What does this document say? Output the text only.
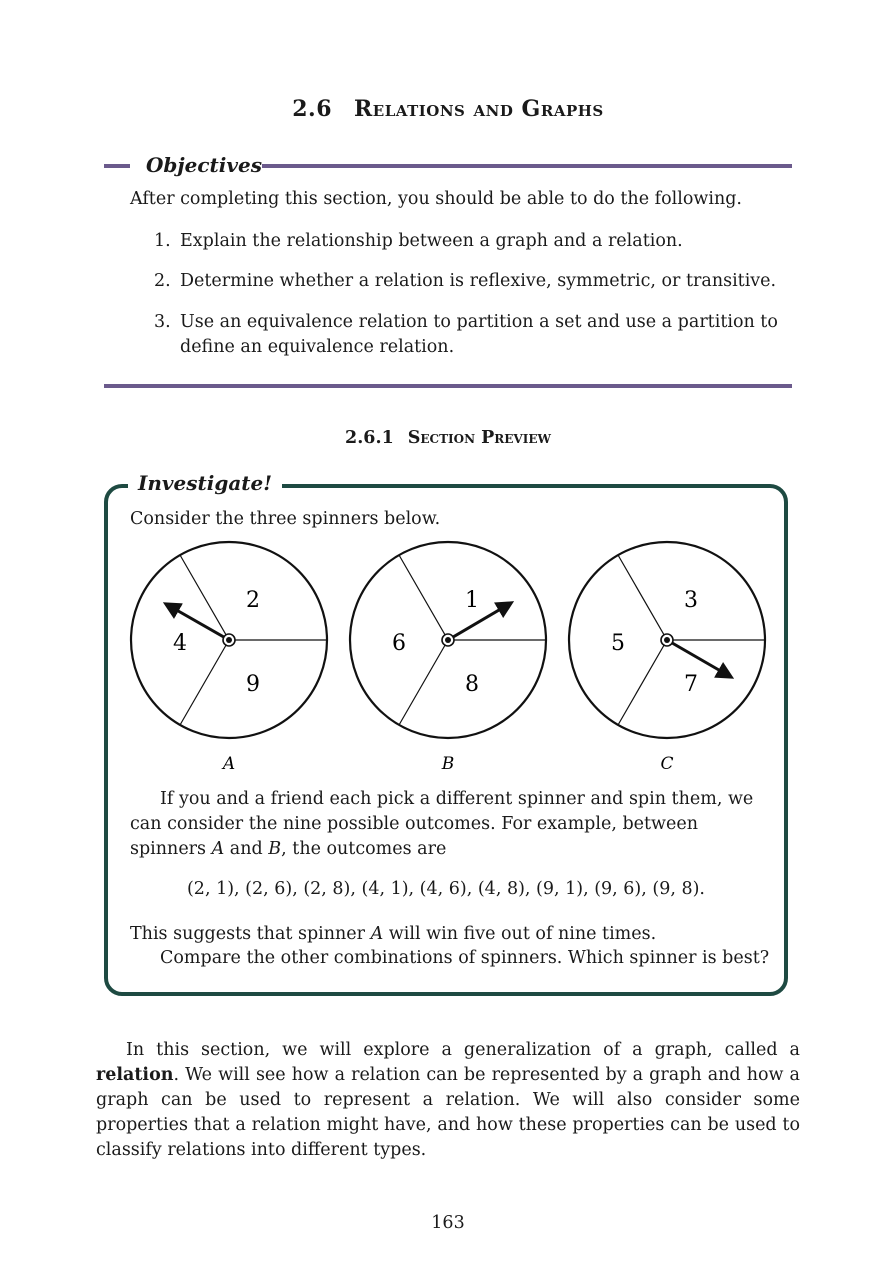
2.6 Relations and Graphs
Objectives
After completing this section, you should be able to do the following.
1. Explain the relationship between a graph and a relation.
2. Determine whether a relation is reflexive, symmetric, or transitive.
3. Use an equivalence relation to partition a set and use a partition to define an equivalence relation.
2.6.1 Section Preview
Investigate!
Consider the three spinners below.
2
4
9
A
1
6
8
B
3
5
7
C
If you and a friend each pick a different spinner and spin them, we can consider the nine possible outcomes. For example, between spinners A and B, the outcomes are
(2, 1), (2, 6), (2, 8), (4, 1), (4, 6), (4, 8), (9, 1), (9, 6), (9, 8).
This suggests that spinner A will win five out of nine times.
Compare the other combinations of spinners. Which spinner is best?
In this section, we will explore a generalization of a graph, called a relation. We will see how a relation can be represented by a graph and how a graph can be used to represent a relation. We will also consider some properties that a relation might have, and how these properties can be used to classify relations into different types.
163
